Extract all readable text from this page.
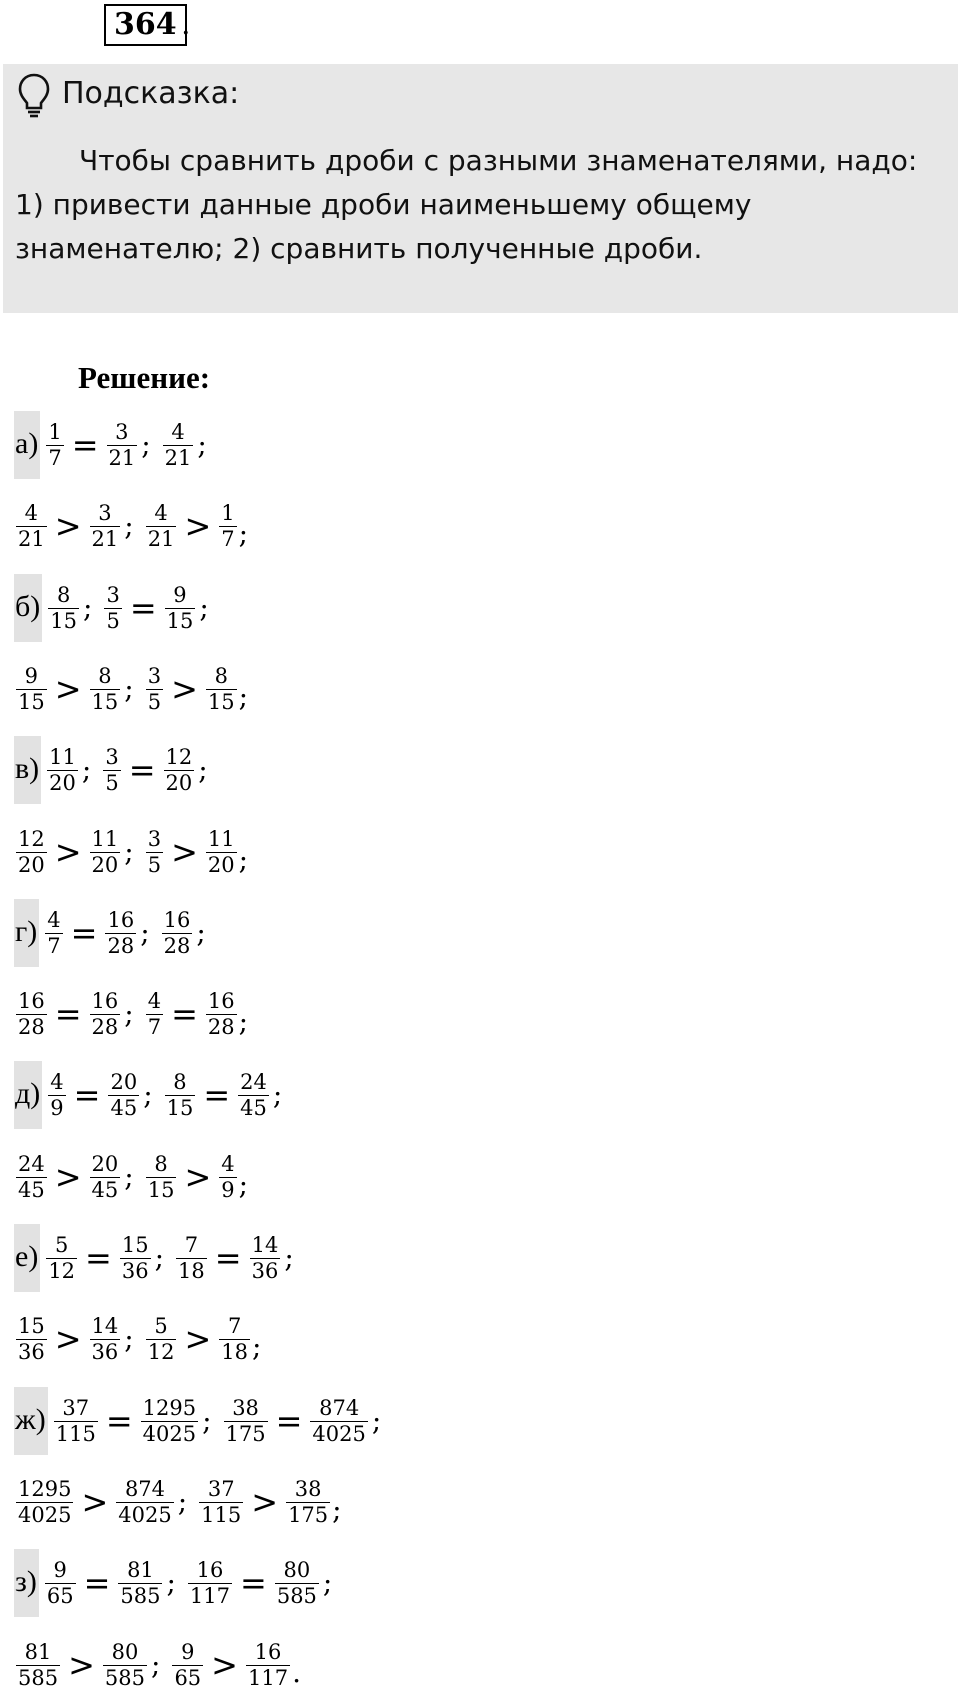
364 .
Подсказка:
Чтобы сравнить дроби с разными знаменателями, надо:
1) привести данные дроби наименьшему общему
знаменателю; 2) сравнить полученные дроби.
Решение:
$а) \frac{1}{7} = \frac{3}{21}$ ; $\frac{4}{21}$ ;
$\frac{4}{21} > \frac{3}{21}$ ; $\frac{4}{21} > \frac{1}{7}$ ;
$б) \frac{8}{15}$ ; $\frac{3}{5} = \frac{9}{15}$ ;
$\frac{9}{15} > \frac{8}{15}$ ; $\frac{3}{5} > \frac{8}{15}$ ;
$в) \frac{11}{20}$ ; $\frac{3}{5} = \frac{12}{20}$ ;
$\frac{12}{20} > \frac{11}{20}$ ; $\frac{3}{5} > \frac{11}{20}$ ;
$г) \frac{4}{7} = \frac{16}{28}$ ; $\frac{16}{28}$ ;
$\frac{16}{28} = \frac{16}{28}$ ; $\frac{4}{7} = \frac{16}{28}$ ;
$д) \frac{4}{9} = \frac{20}{45}$ ; $\frac{8}{15} = \frac{24}{45}$ ;
$\frac{24}{45} > \frac{20}{45}$ ; $\frac{8}{15} > \frac{4}{9}$ ;
$е) \frac{5}{12} = \frac{15}{36}$ ; $\frac{7}{18} = \frac{14}{36}$ ;
$\frac{15}{36} > \frac{14}{36}$ ; $\frac{5}{12} > \frac{7}{18}$ ;
$ж) \frac{37}{115} = \frac{1295}{4025}$ ; $\frac{38}{175} = \frac{874}{4025}$ ;
$\frac{1295}{4025} > \frac{874}{4025}$ ; $\frac{37}{115} > \frac{38}{175}$ ;
$з) \frac{9}{65} = \frac{81}{585}$ ; $\frac{16}{117} = \frac{80}{585}$ ;
$\frac{81}{585} > \frac{80}{585}$ ; $\frac{9}{65} > \frac{16}{117}$ .
